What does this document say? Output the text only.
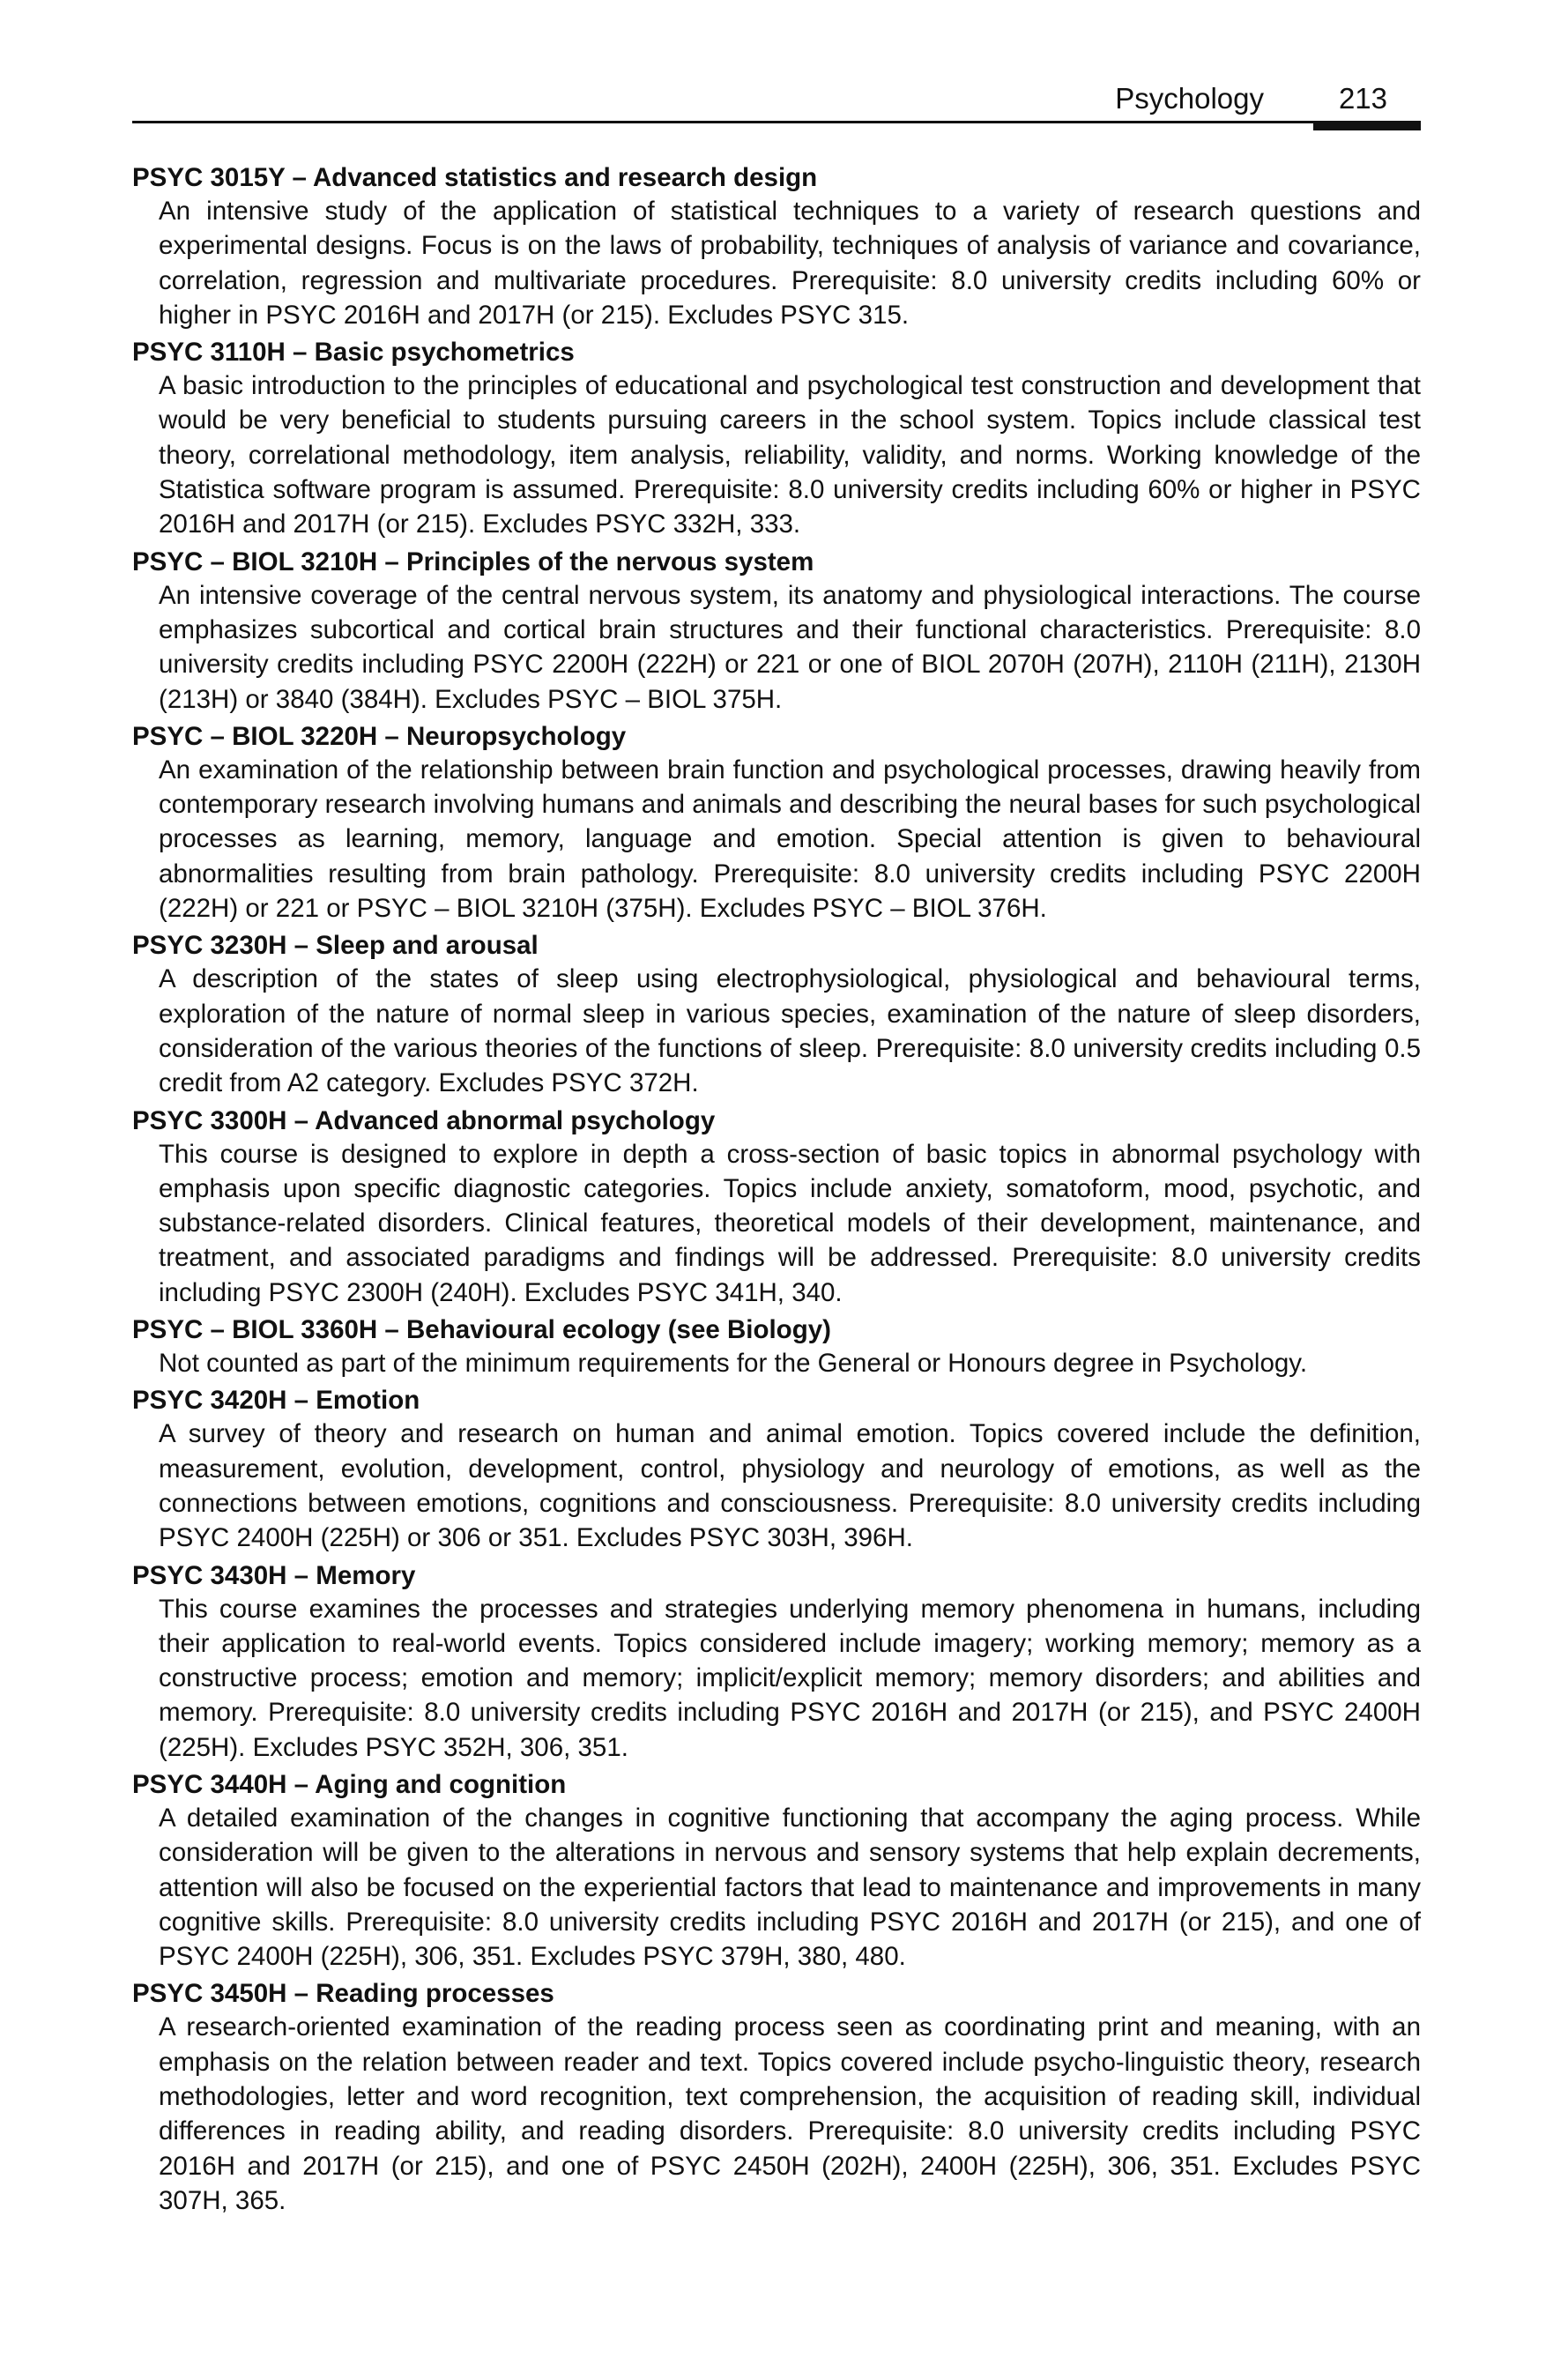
Psychology	213

PSYC 3015Y – Advanced statistics and research design

An intensive study of the application of statistical techniques to a variety of research questions and experimental designs. Focus is on the laws of probability, techniques of analysis of variance and covariance, correlation, regression and multivariate procedures. Prerequisite: 8.0 university credits including 60% or higher in PSYC 2016H and 2017H (or 215). Excludes PSYC 315.

PSYC 3110H – Basic psychometrics

A basic introduction to the principles of educational and psychological test construction and development that would be very beneficial to students pursuing careers in the school system. Topics include classical test theory, correlational methodology, item analysis, reliability, validity, and norms. Working knowledge of the Statistica software program is assumed. Prerequisite: 8.0 university credits including 60% or higher in PSYC 2016H and 2017H (or 215). Excludes PSYC 332H, 333.

PSYC – BIOL 3210H – Principles of the nervous system

An intensive coverage of the central nervous system, its anatomy and physiological interactions. The course emphasizes subcortical and cortical brain structures and their functional characteristics. Prerequisite: 8.0 university credits including PSYC 2200H (222H) or 221 or one of BIOL 2070H (207H), 2110H (211H), 2130H (213H) or 3840 (384H). Excludes PSYC – BIOL 375H.

PSYC – BIOL 3220H – Neuropsychology

An examination of the relationship between brain function and psychological processes, drawing heavily from contemporary research involving humans and animals and describing the neural bases for such psychological processes as learning, memory, language and emotion. Special attention is given to behavioural abnormalities resulting from brain pathology. Prerequisite: 8.0 university credits including PSYC 2200H (222H) or 221 or PSYC – BIOL 3210H (375H). Excludes PSYC – BIOL 376H.

PSYC 3230H – Sleep and arousal

A description of the states of sleep using electrophysiological, physiological and behavioural terms, exploration of the nature of normal sleep in various species, examination of the nature of sleep disorders, consideration of the various theories of the functions of sleep. Prerequisite: 8.0 university credits including 0.5 credit from A2 category. Excludes PSYC 372H.

PSYC 3300H – Advanced abnormal psychology

This course is designed to explore in depth a cross-section of basic topics in abnormal psychology with emphasis upon specific diagnostic categories. Topics include anxiety, somatoform, mood, psychotic, and substance-related disorders. Clinical features, theoretical models of their development, maintenance, and treatment, and associated paradigms and findings will be addressed. Prerequisite: 8.0 university credits including PSYC 2300H (240H). Excludes PSYC 341H, 340.

PSYC – BIOL 3360H – Behavioural ecology (see Biology)

Not counted as part of the minimum requirements for the General or Honours degree in Psychology.

PSYC 3420H – Emotion

A survey of theory and research on human and animal emotion. Topics covered include the definition, measurement, evolution, development, control, physiology and neurology of emotions, as well as the connections between emotions, cognitions and consciousness. Prerequisite: 8.0 university credits including PSYC 2400H (225H) or 306 or 351. Excludes PSYC 303H, 396H.

PSYC 3430H – Memory

This course examines the processes and strategies underlying memory phenomena in humans, including their application to real-world events. Topics considered include imagery; working memory; memory as a constructive process; emotion and memory; implicit/explicit memory; memory disorders; and abilities and memory. Prerequisite: 8.0 university credits including PSYC 2016H and 2017H (or 215), and PSYC 2400H (225H). Excludes PSYC 352H, 306, 351.

PSYC 3440H – Aging and cognition

A detailed examination of the changes in cognitive functioning that accompany the aging process. While consideration will be given to the alterations in nervous and sensory systems that help explain decrements, attention will also be focused on the experiential factors that lead to maintenance and improvements in many cognitive skills. Prerequisite: 8.0 university credits including PSYC 2016H and 2017H (or 215), and one of PSYC 2400H (225H), 306, 351. Excludes PSYC 379H, 380, 480.

PSYC 3450H – Reading processes

A research-oriented examination of the reading process seen as coordinating print and meaning, with an emphasis on the relation between reader and text. Topics covered include psycho-linguistic theory, research methodologies, letter and word recognition, text comprehension, the acquisition of reading skill, individual differences in reading ability, and reading disorders. Prerequisite: 8.0 university credits including PSYC 2016H and 2017H (or 215), and one of PSYC 2450H (202H), 2400H (225H), 306, 351. Excludes PSYC 307H, 365.
